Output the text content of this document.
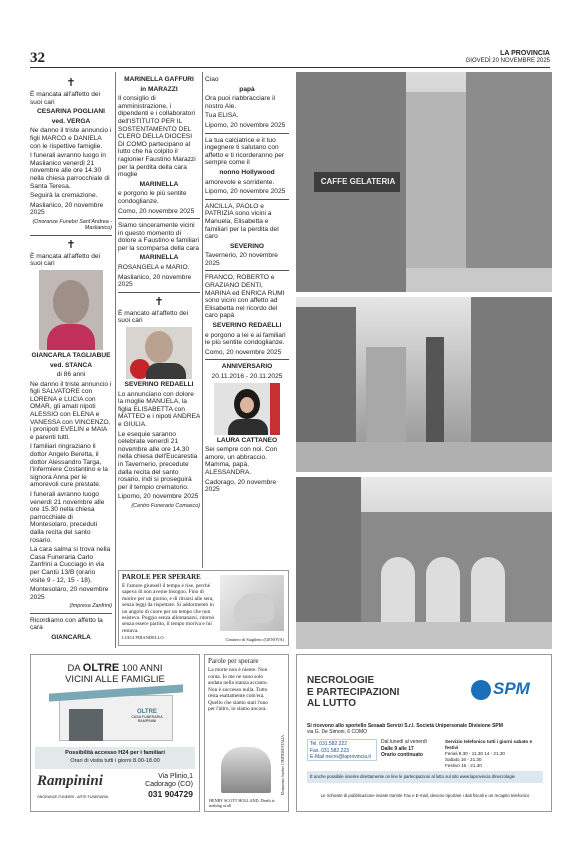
32	LA PROVINCIA
GIOVEDÌ 20 NOVEMBRE 2025
✝

È mancata all'affetto dei suoi cari

CESARINA POGLIANI

ved. VERGA

Ne danno il triste annuncio i figli MARCO e DANIELA con le rispettive famiglie.

I funerali avranno luogo in Maslianico venerdì 21 novembre alle ore 14.30 nella chiesa parrocchiale di Santa Teresa.

Seguirà la cremazione.

Maslianico, 20 novembre 2025

(Onoranze Funebri Sant'Andrea - Maslianico)

✝

È mancata all'affetto dei suoi cari

GIANCARLA TAGLIABUE

ved. STANCA

di 86 anni

Ne danno il triste annuncio i figli SALVATORE con LORENA e LUCIA con OMAR, gli amati nipoti ALESSIO con ELENA e VANESSA con VINCENZO, i pronipoti EVELIN e MAIA e parenti tutti.

I familiari ringraziano il dottor Angelo Beretta, il dottor Alessandro Targa, l'infermiere Costantino e la signora Anna per le amorevoli cure prestate.

I funerali avranno luogo venerdì 21 novembre alle ore 15.30 nella chiesa parrocchiale di Montesolaro, preceduti dalla recita del santo rosario.

La cara salma si trova nella Casa Funeraria Carlo Zanfrini a Cucciago in via per Cantù 13/B (orario visite 9 - 12, 15 - 18).

Montesolaro, 20 novembre 2025

(Impresa Zanfrini)

Ricordiamo con affetto la cara

GIANCARLA

MARINELLA GAFFURI

in MARAZZI

Il consiglio di amministrazione, i dipendenti e i collaboratori dell'ISTITUTO PER IL SOSTENTAMENTO DEL CLERO DELLA DIOCESI DI COMO partecipano al lutto che ha colpito il ragionier Faustino Marazzi per la perdita della cara moglie

MARINELLA

e porgono le più sentite condoglianze.

Como, 20 novembre 2025

Siamo sinceramente vicini in questo momento di dolore a Faustino e familiari per la scomparsa della cara

MARINELLA

ROSANGELA e MARIO.

Maslianico, 20 novembre 2025

✝

È mancato all'affetto dei suoi cari

SEVERINO REDAELLI

Lo annunciano con dolore la moglie MANUELA, la figlia ELISABETTA con MATTEO e i nipoti ANDREA e GIULIA.

Le esequie saranno celebrate venerdì 21 novembre alle ore 14.30 nella chiesa dell'Eucarestia in Tavernerio, precedute dalla recita del santo rosario, indi si proseguirà per il tempio crematorio.

Lipomo, 20 novembre 2025

(Centro Funerario Comasco)

Ciao

papà

Ora puoi riabbracciare il nostro Ale.

Tua ELISA.

Lipomo, 20 novembre 2025

La tua calciatrice e il tuo ingegnere ti salutano con affetto e ti ricorderanno per sempre come il

nonno Hollywood

amorevole e sorridente.

Lipomo, 20 novembre 2025

ANCILLA, PAOLO e PATRIZIA sono vicini a Manuela, Elisabetta e familiari per la perdita del caro

SEVERINO

Tavernerio, 20 novembre 2025

FRANCO, ROBERTO e GRAZIANO DENTI, MARINA ed ENRICA RUMI sono vicini con affetto ad Elisabetta nel ricordo del caro papà

SEVERINO REDAELLI

e porgono a lei e ai familiari le più sentite condoglianze.

Como, 20 novembre 2025

ANNIVERSARIO

20.11.2016 - 20.11.2025

LAURA CATTANEO

Sei sempre con noi. Con amore, un abbraccio. Mamma, papà, ALESSANDRA.

Cadorago, 20 novembre 2025

PAROLE PER SPERARE
E l'amore giunsell il tempo e rise, perché sapeva di non averne bisogno. Fino di morire per un giorno, e di ritrarsi alle sera, senza leggi da rispettare. Si addormentò in un angolo di cuore per un tempo che non esisteva. Poggio senza allontanarsi, ritornò senza essere partito, il tempo moriva e lui restava.
LUIGI PIRANDELLO	Cimitero di Staglieno (GENOVA)
CAFFE GELATERIA
DA OLTRE 100 ANNI
VICINI ALLE FAMIGLIE
OLTRE
CASA FUNERARIA RAMPININI
Possibilità accesso H24 per i familiari
Orari di visita tutti i giorni 8.00-18.00
Rampinini
ONORANZE FUNEBRI - ARTE FUNERARIA
Via Plinio,1
Cadorago (CO)
031 904729
Parole per sperare
La morte non è niente. Non conta. Io me ne sono solo andata nella stanza accanto. Non è successo nulla. Tutto resta esattamente com'era. Quello che siamo stati l'uno per l'altro, lo siamo ancora.
HENRY SCOTT HOLLAND, Death is nothing at all
Monumento funebre CIMITERO ITALIA
NECROLOGIE
E PARTECIPAZIONI
AL LUTTO
SPM
Si ricevono allo sportello Sesaab Servizi S.r.l. Società Unipersonale Divisione SPM
via G. De Simoni, 6 COMO
Tel. 031.582.222
Fax. 031.582.223
E-Mail necro@laprovincia.it
Dal lunedì al venerdì
Dalle 9 alle 17
Orario continuato
Servizio telefonico tutti i giorni sabato e festivi
Feriali 8.30 - 11.30 14 - 21.30
Sabato 16 - 21.30
Festivo 16 - 21.30
È anche possibile inserire direttamente on line le partecipazioni al lutto sul sito www.laprovincia.it/necrologie
Le richieste di pubblicazione inviate tramite Fax e E-mail, devono riportare i dati fiscali e un recapito telefonico
